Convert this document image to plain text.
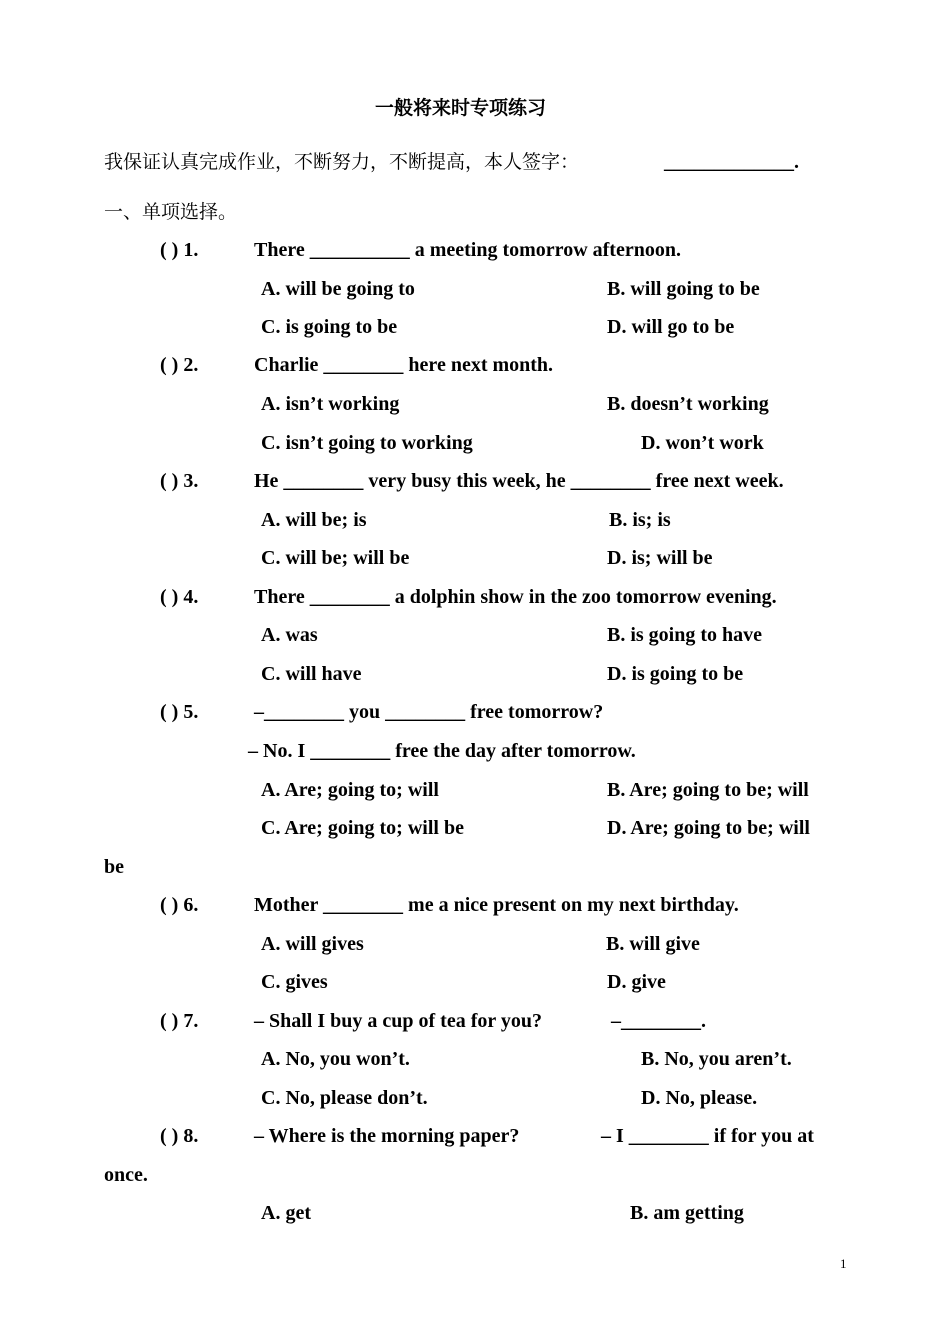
一般将来时专项练习
我保证认真完成作业，不断努力，不断提高，本人签字：	_____________.
一、单项选择。
( ) 1.	There __________ a meeting tomorrow afternoon.
A. will be going to	B. will going to be
C. is going to be	D. will go to be
( ) 2.	Charlie ________ here next month.
A. isn’t working	B. doesn’t working
C. isn’t going to working	D. won’t work
( ) 3.	He ________ very busy this week, he ________ free next week.
A. will be; is	B. is; is
C. will be; will be	D. is; will be
( ) 4.	There ________ a dolphin show in the zoo tomorrow evening.
A. was	B. is going to have
C. will have	D. is going to be
( ) 5.	–________ you ________ free tomorrow?
– No. I ________ free the day after tomorrow.
A. Are; going to; will	B. Are; going to be; will
C. Are; going to; will be	D. Are; going to be; will
be
( ) 6.	Mother ________ me a nice present on my next birthday.
A. will gives	B. will give
C. gives	D. give
( ) 7.	– Shall I buy a cup of tea for you?	–________.
A. No, you won’t.	B. No, you aren’t.
C. No, please don’t.	D. No, please.
( ) 8.	– Where is the morning paper?	– I ________ if for you at
once.
A. get	B. am getting
1
